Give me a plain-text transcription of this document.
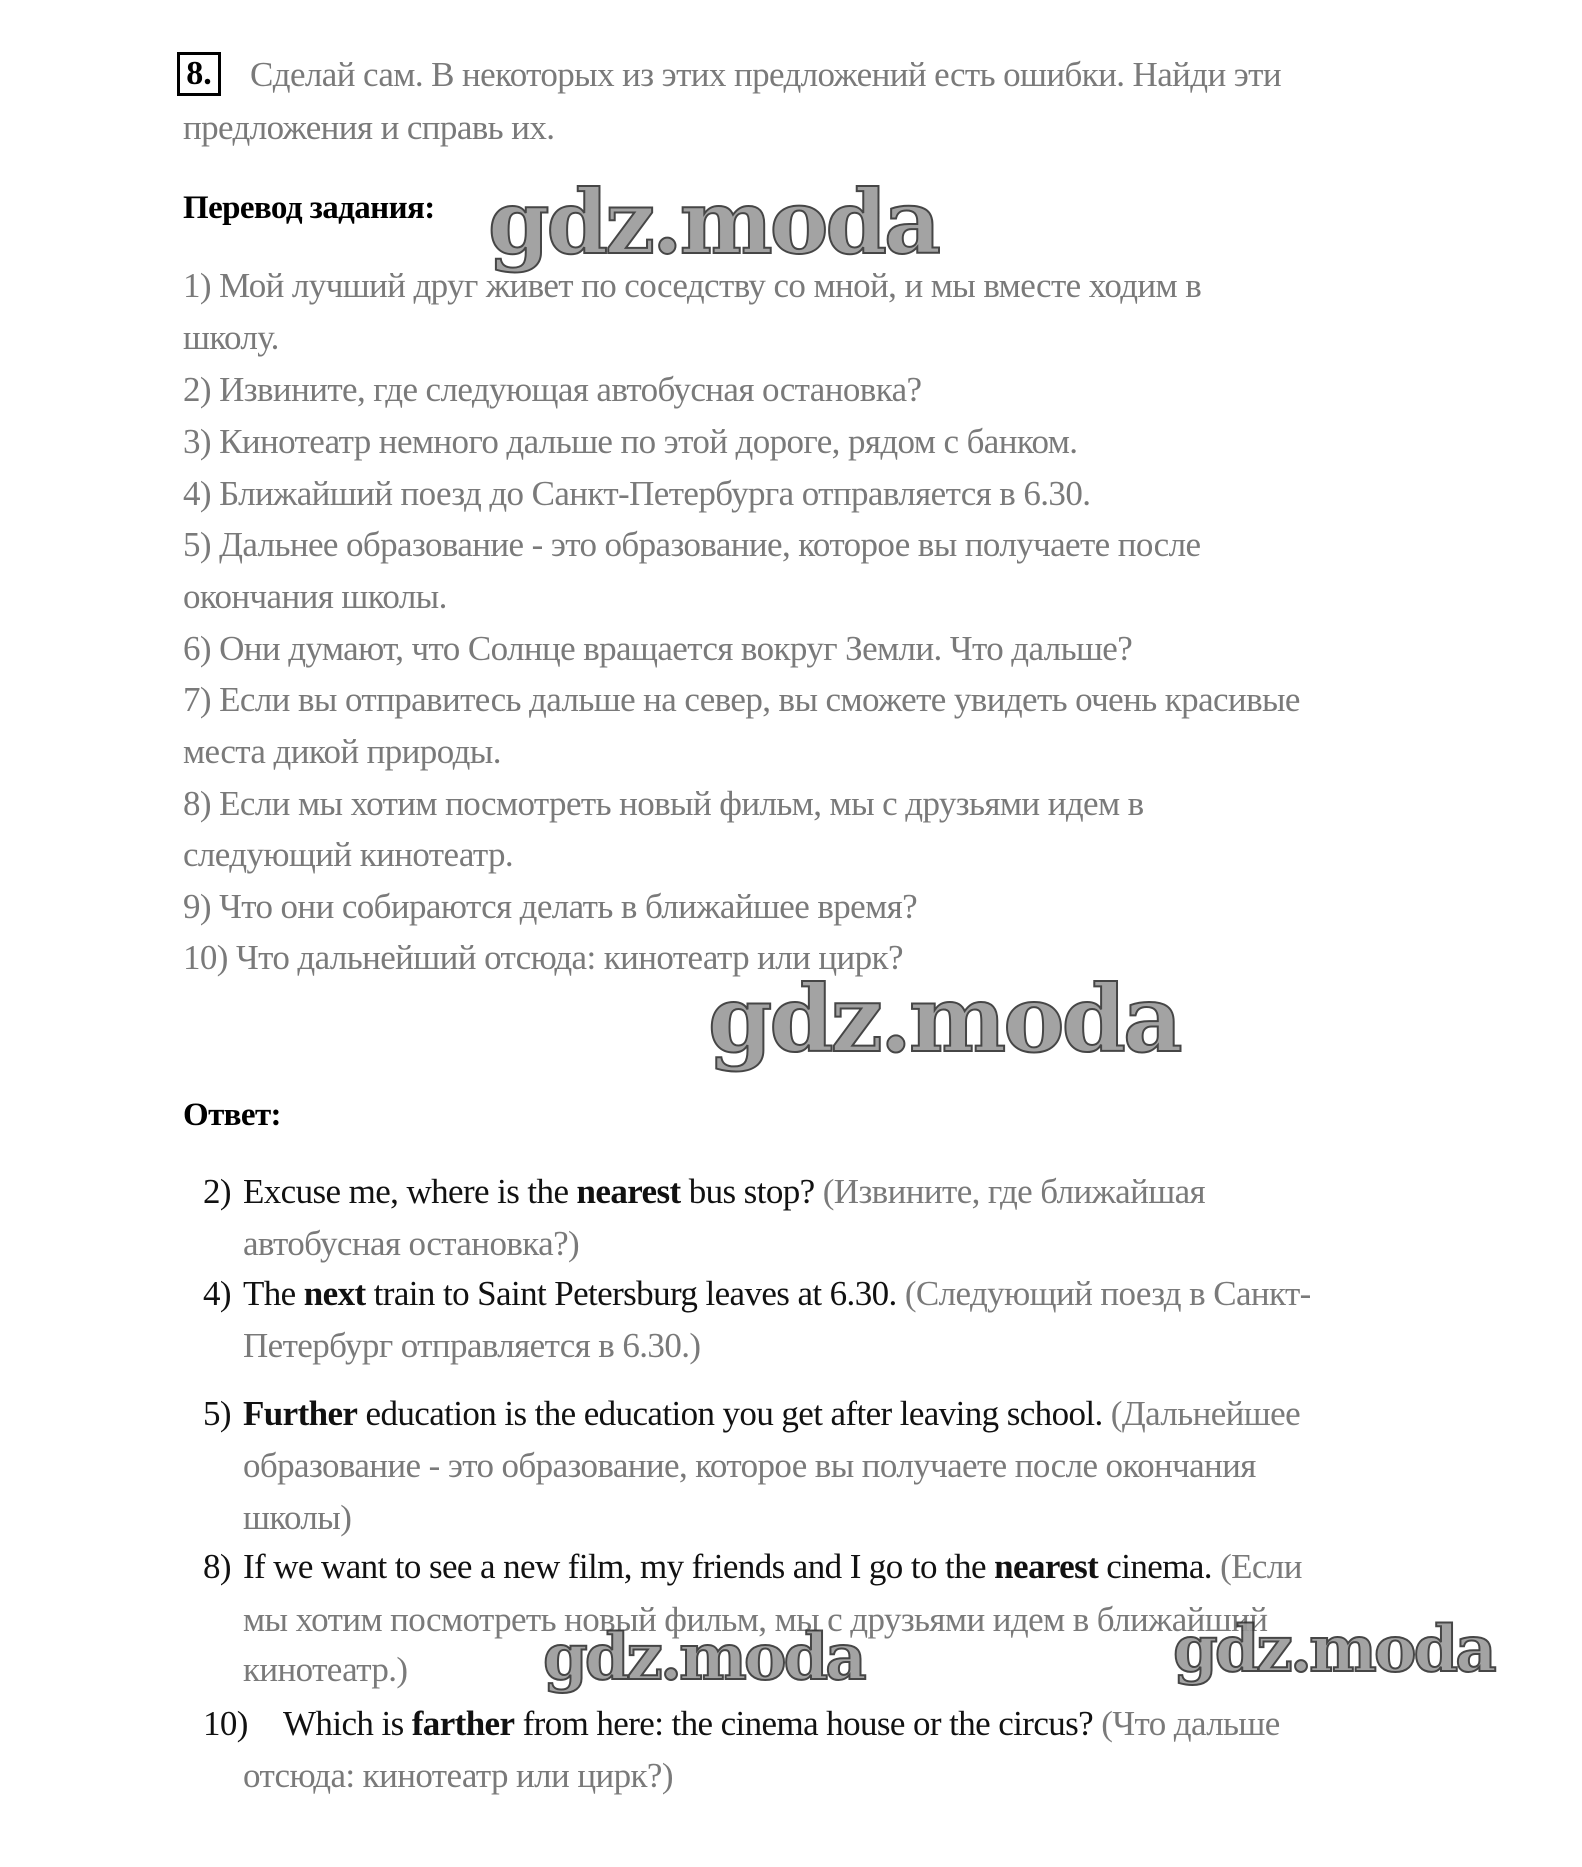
8. Сделай сам. В некоторых из этих предложений есть ошибки. Найди эти
предложения и справь их.
Перевод задания: gdz.moda
1) Мой лучший друг живет по соседству со мной, и мы вместе ходим в
школу.
2) Извините, где следующая автобусная остановка?
3) Кинотеатр немного дальше по этой дороге, рядом с банком.
4) Ближайший поезд до Санкт-Петербурга отправляется в 6.30.
5) Дальнее образование - это образование, которое вы получаете после
окончания школы.
6) Они думают, что Солнце вращается вокруг Земли. Что дальше?
7) Если вы отправитесь дальше на север, вы сможете увидеть очень красивые
места дикой природы.
8) Если мы хотим посмотреть новый фильм, мы с друзьями идем в
следующий кинотеатр.
9) Что они собираются делать в ближайшее время?
10) Что дальнейший отсюда: кинотеатр или цирк?
gdz.moda
Ответ:
2) Excuse me, where is the nearest bus stop? (Извините, где ближайшая
автобусная остановка?)
4) The next train to Saint Petersburg leaves at 6.30. (Следующий поезд в Санкт-
Петербург отправляется в 6.30.)
5) Further education is the education you get after leaving school. (Дальнейшее
образование - это образование, которое вы получаете после окончания
школы)
8) If we want to see a new film, my friends and I go to the nearest cinema. (Если
мы хотим посмотреть новый фильм, мы с друзьями идем в ближайший
кинотеатр.)
10) Which is farther from here: the cinema house or the circus? (Что дальше
отсюда: кинотеатр или цирк?)
gdz.moda	gdz.moda
